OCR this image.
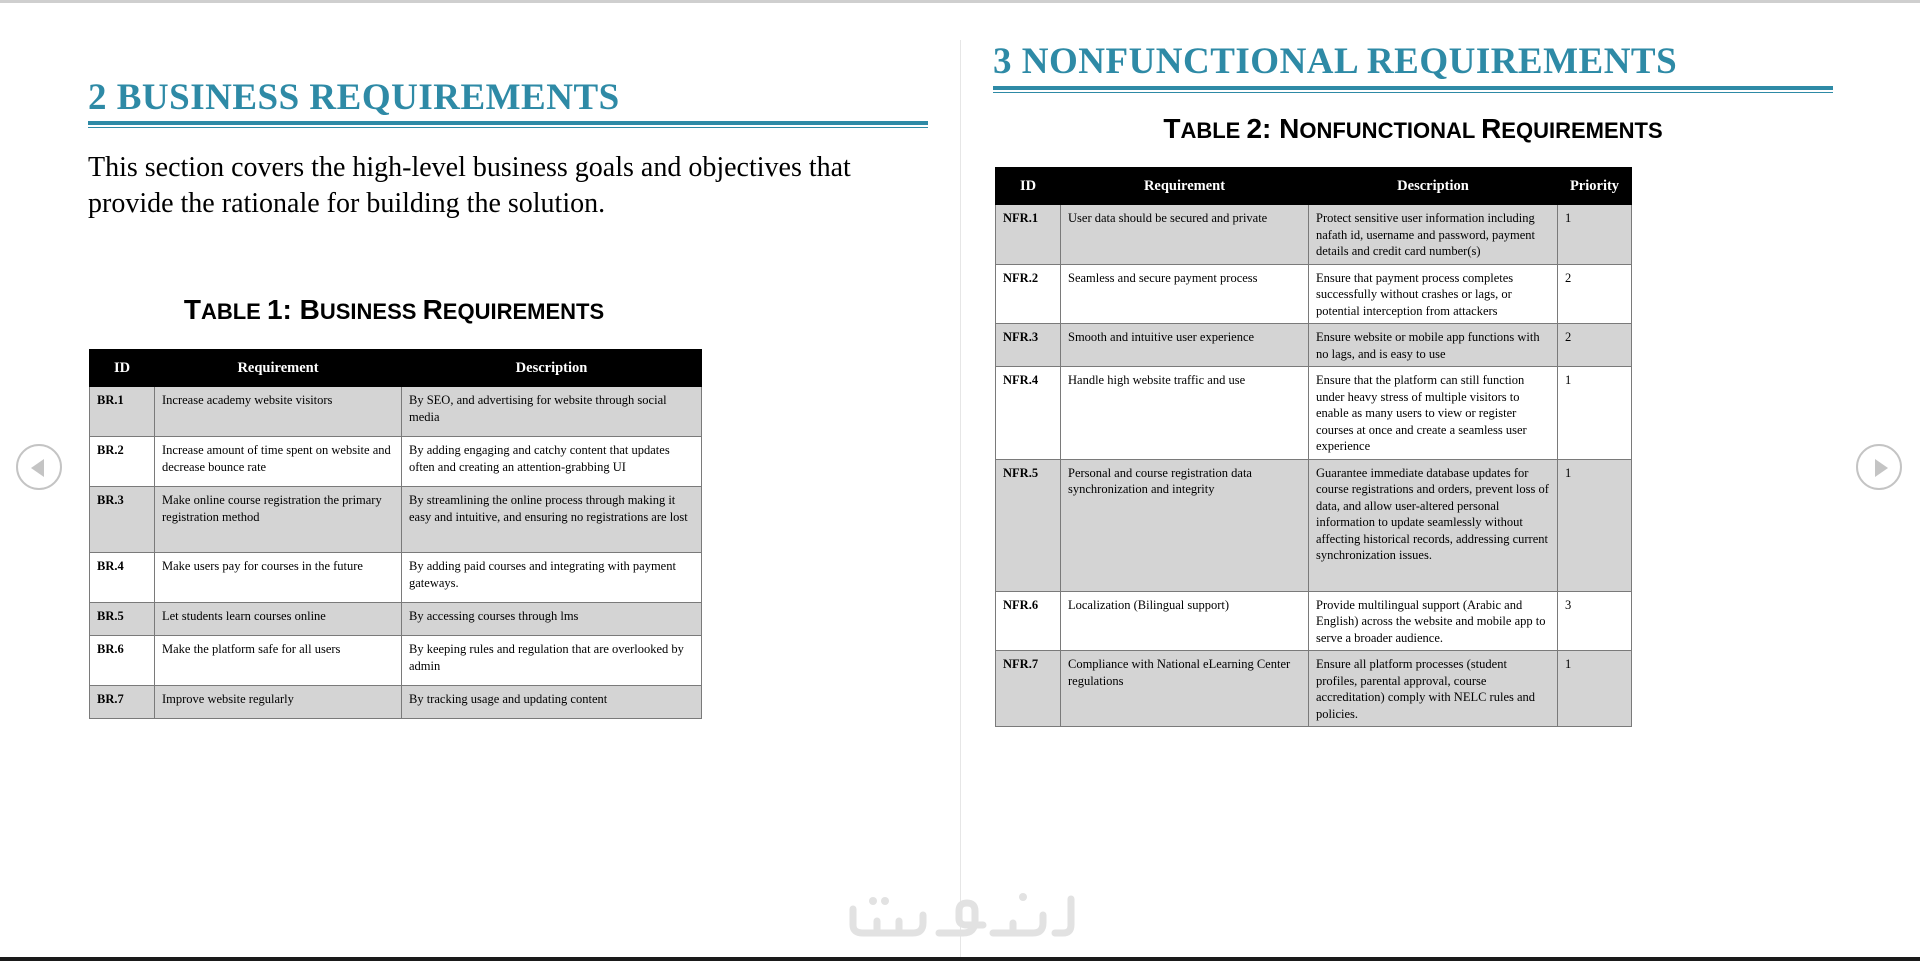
2 BUSINESS REQUIREMENTS

This section covers the high-level business goals and objectives that provide the rationale for building the solution.

TABLE 1: BUSINESS REQUIREMENTS
ID	Requirement	Description
BR.1	Increase academy website visitors	By SEO, and advertising for website through social media
BR.2	Increase amount of time spent on website and decrease bounce rate	By adding engaging and catchy content that updates often and creating an attention-grabbing UI
BR.3	Make online course registration the primary registration method	By streamlining the online process through making it easy and intuitive, and ensuring no registrations are lost
BR.4	Make users pay for courses in the future	By adding paid courses and integrating with payment gateways.
BR.5	Let students learn courses online	By accessing courses through lms
BR.6	Make the platform safe for all users	By keeping rules and regulation that are overlooked by admin
BR.7	Improve website regularly	By tracking usage and updating content
3 NONFUNCTIONAL REQUIREMENTS
TABLE 2: NONFUNCTIONAL REQUIREMENTS
ID	Requirement	Description	Priority
NFR.1	User data should be secured and private	Protect sensitive user information including nafath id, username and password, payment details and credit card number(s)	1
NFR.2	Seamless and secure payment process	Ensure that payment process completes successfully without crashes or lags, or potential interception from attackers	2
NFR.3	Smooth and intuitive user experience	Ensure website or mobile app functions with no lags, and is easy to use	2
NFR.4	Handle high website traffic and use	Ensure that the platform can still function under heavy stress of multiple visitors to enable as many users to view or register courses at once and create a seamless user experience	1
NFR.5	Personal and course registration data synchronization and integrity	Guarantee immediate database updates for course registrations and orders, prevent loss of data, and allow user-altered personal information to update seamlessly without affecting historical records, addressing current synchronization issues.	1
NFR.6	Localization (Bilingual support)	Provide multilingual support (Arabic and English) across the website and mobile app to serve a broader audience.	3
NFR.7	Compliance with National eLearning Center regulations	Ensure all platform processes (student profiles, parental approval, course accreditation) comply with NELC rules and policies.	1
